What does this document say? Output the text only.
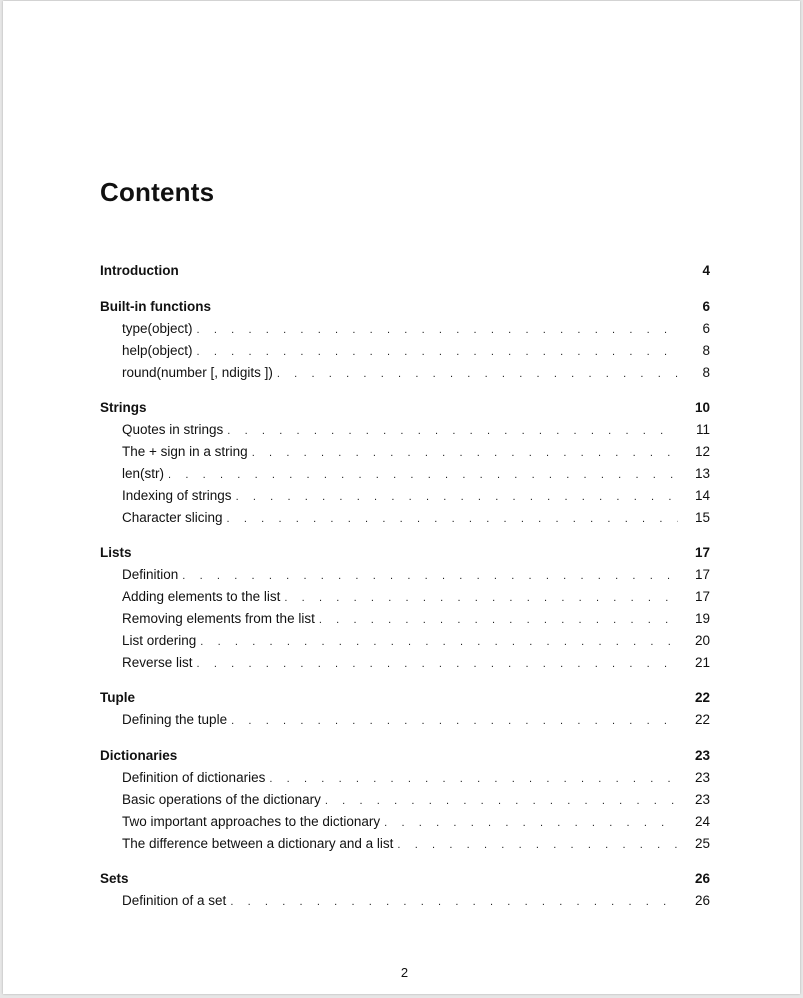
Contents
Introduction	4
Built-in functions	6
type(object) . . .	6
help(object) . . .	8
round(number [, ndigits ]) . . .	8
Strings	10
Quotes in strings . . .	11
The + sign in a string . . .	12
len(str) . . .	13
Indexing of strings . . .	14
Character slicing . . .	15
Lists	17
Definition . . .	17
Adding elements to the list . . .	17
Removing elements from the list . . .	19
List ordering . . .	20
Reverse list . . .	21
Tuple	22
Defining the tuple . . .	22
Dictionaries	23
Definition of dictionaries . . .	23
Basic operations of the dictionary . . .	23
Two important approaches to the dictionary . . .	24
The difference between a dictionary and a list . . .	25
Sets	26
Definition of a set . . .	26
2
